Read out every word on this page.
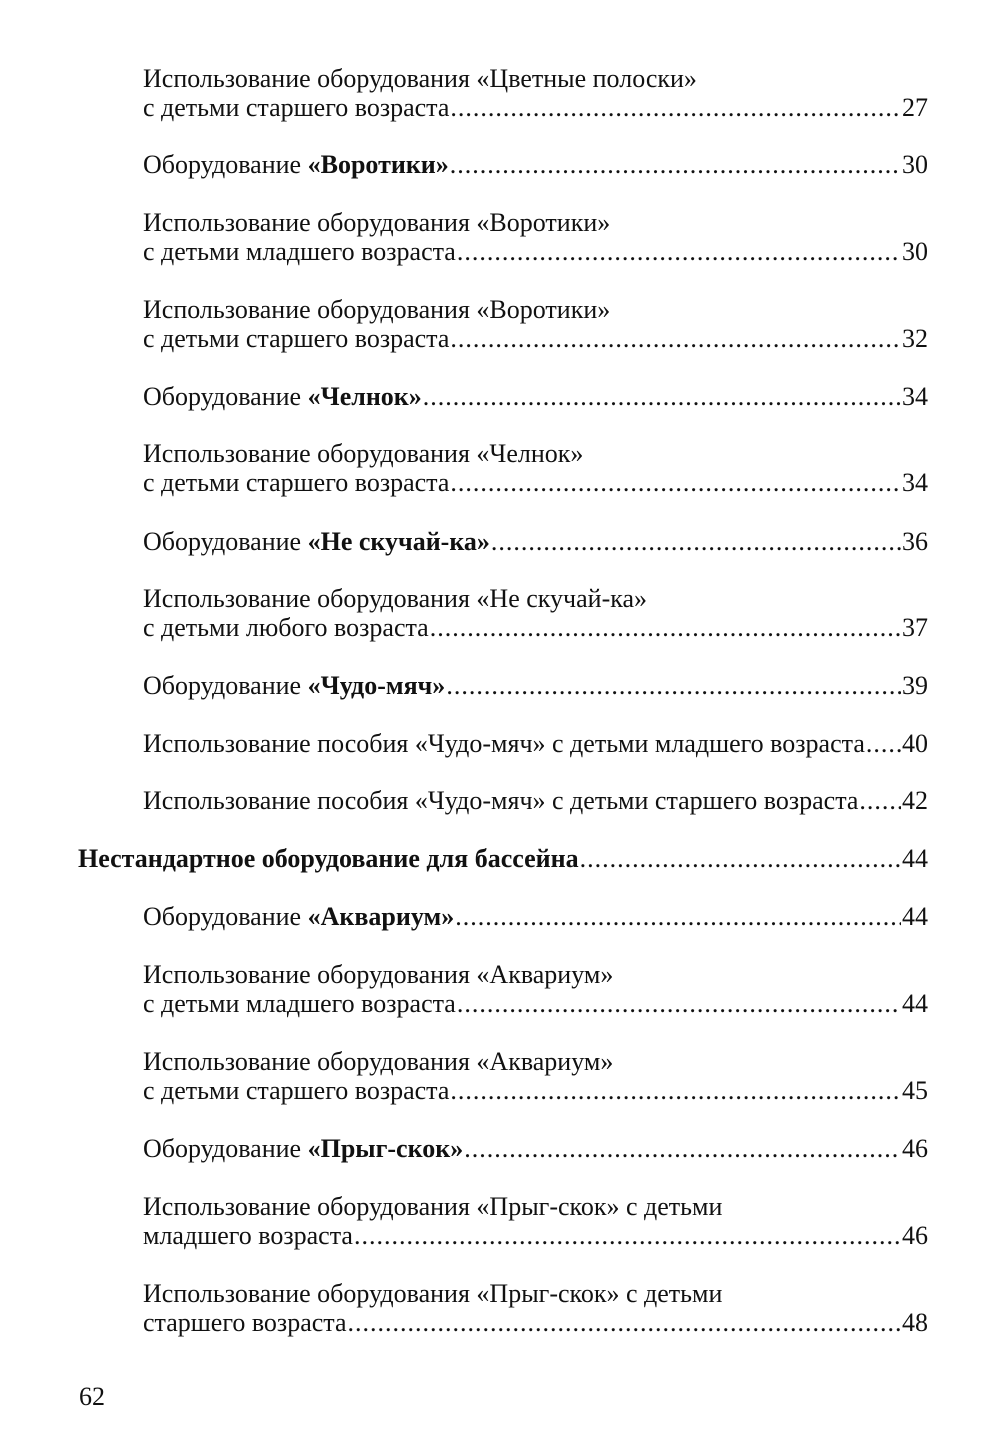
Использование оборудования «Цветные полоски»
с детьми старшего возраста .....	27
Оборудование «Воротики» .....	30
Использование оборудования «Воротики»
с детьми младшего возраста .....	30
Использование оборудования «Воротики»
с детьми старшего возраста .....	32
Оборудование «Челнок» .....	34
Использование оборудования «Челнок»
с детьми старшего возраста .....	34
Оборудование «Не скучай-ка» .....	36
Использование оборудования «Не скучай-ка»
с детьми любого возраста .....	37
Оборудование «Чудо-мяч» .....	39
Использование пособия «Чудо-мяч» с детьми младшего возраста ..... 40
Использование пособия «Чудо-мяч» с детьми старшего возраста ..... 42
Нестандартное оборудование для бассейна .....	44
Оборудование «Аквариум» .....	44
Использование оборудования «Аквариум»
с детьми младшего возраста .....	44
Использование оборудования «Аквариум»
с детьми старшего возраста .....	45
Оборудование «Прыг-скок» .....	46
Использование оборудования «Прыг-скок» с детьми
младшего возраста .....	46
Использование оборудования «Прыг-скок» с детьми
старшего возраста .....	48
62
